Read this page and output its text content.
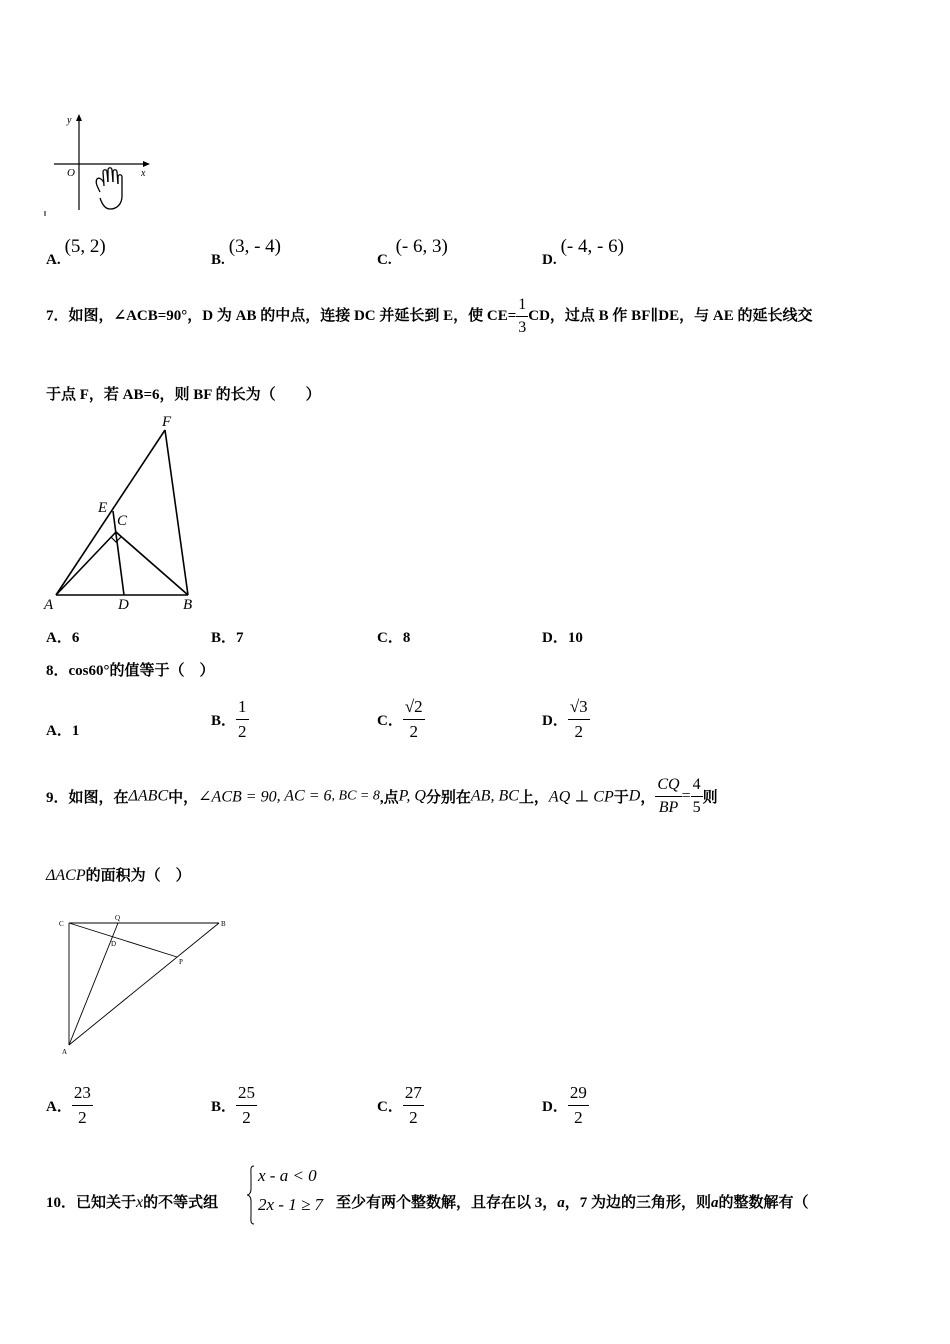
y
x
O
A.(5, 2)
B.(3, - 4)
C.(- 6, 3)
D.(- 4, - 6)
7．如图，∠ACB=90°，D 为 AB 的中点，连接 DC 并延长到 E，使 $CE= \frac{1}{3}$ CD，过点 B 作 BF∥DE，与 AE 的延长线交
于点 F，若 AB=6，则 BF 的长为（　　）
F
E
C
A	D	B
A．6	B．7	C．8	D．10
8．cos60°的值等于（　）
A．1
B． $\frac{1}{2}$	C． $\frac{√2}{2}$	D． $\frac{√3}{2}$
9．如图，在ΔABC中，∠ACB = 90, AC = 6, BC = 8,点P, Q分别在AB, BC上，AQ ⊥ CP于D， $\frac{CQ}{BP} = \frac{4}{5}$ 则
ΔACP的面积为（　）
C
Q
B
D
P
A
A． $\frac{23}{2}$	B． $\frac{25}{2}$	C． $\frac{27}{2}$	D． $\frac{29}{2}$
10．已知关于x的不等式组
x - a < 0
2x - 1 ≥ 7 至少有两个整数解，且存在以 3，a，7 为边的三角形，则a的整数解有（
